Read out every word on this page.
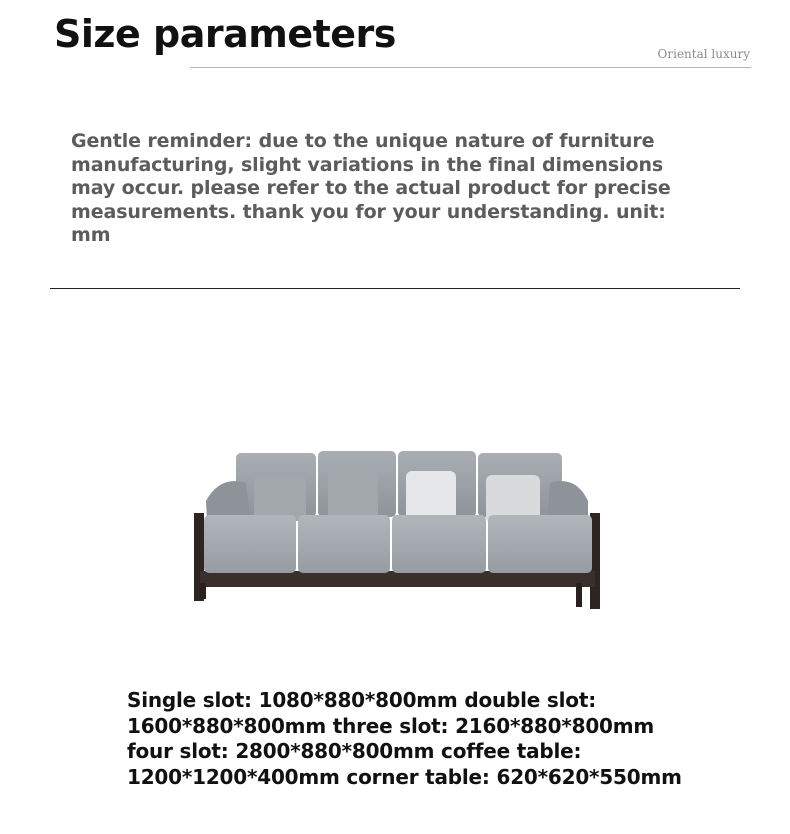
Size parameters	Oriental luxury
Gentle reminder: due to the unique nature of furniture manufacturing, slight variations in the final dimensions may occur. please refer to the actual product for precise measurements. thank you for your understanding. unit: mm
Single slot: 1080*880*800mm double slot: 1600*880*800mm three slot: 2160*880*800mm four slot: 2800*880*800mm coffee table: 1200*1200*400mm corner table: 620*620*550mm
